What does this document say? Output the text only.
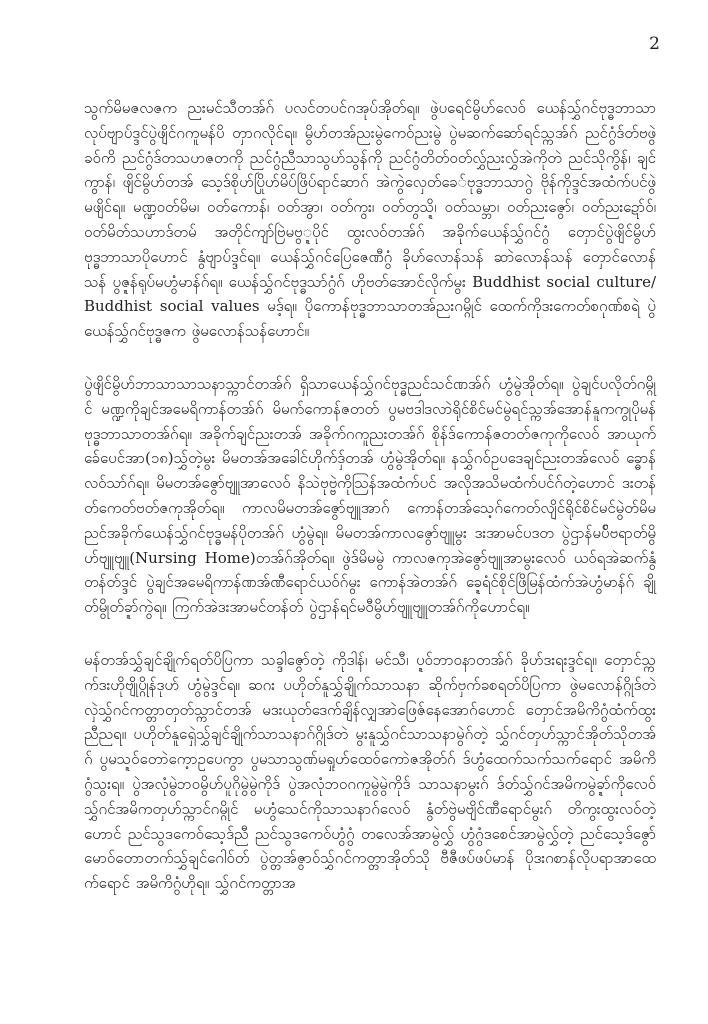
2

သွက်မိမဇလဇက ညးမင်သီတအ်ဂ် ပလင်တပင်ဂအုပ်အိုတ်ရ။ ဖွဲပရေင်မွိဟ်လေဝ် ယေန်သွှ်ဂင်ဗုဒ္ဓဘာသာ လုပ်ဗျာပ်ဒ္ဒင်ပွဲဖျိင်ဂကူမန်ပိ တှာဂလိုင်ရ။ မွိဟ်တအ်ညးမွဲကေဝ်ညးမွဲ ပွဲမဆက်ဆော်ရင်သ္ကအ်ဂ် ညင်ဂွံဒ်တ်ဗဖွဲခဝ်ကိ ညင်ဂွံဒ်တသဟဇတကို ညင်ဂွံညီသာသွဟ်သွန်ကို ညင်ဂွံတိတ်ဝတ်လွှ်ညးလွှ်အဲကိုတဲ ညင်သိုကွိန်၊ ချင်ကွာန်၊ ဖျိင်မွိဟ်တအ် သေ့ဒ်စိုဟ်ပြိုဟ်မိပ်ဖြိပ်ရာင်ဆာဂ် အဲကွဲလှေတ်ခေ်ဗုဒ္ဓဘာသာဂွဲ ဗိုန်ကိုဒ္ဒင်အထံက်ပင်ဖွဲမဖျိင်ရ။ မဏ္ဍဝတ်မိမ၊ ဝတ်ကောန်၊ ဝတ်အွာ၊ ဝတ်ကွး၊ ဝတ်တွသ္ဍိ၊ ဝတ်သမ္ဘာ၊ ဝတ်ညးဇွော်၊ ဝတ်ညးဍော်ဝ်၊ ဝတ်မိတ်သဟာဒ်တမ် အတိုင်ကျာ်ဗြဲမဗွ္ဍပိုင် ထွးလဝ်တအ်ဂ် အခိုက်ယေန်သွှ်ဂင်ဂွံ တှောင်ပွဲဖျိင်မွိဟ်ဗုဒ္ဓဘာသာပိုဟောင် နွံဗျာပ်ဒ္ဒင်ရ။ ယေန်သွှ်ဂင်ပြေဇေဏီဂွံ ခိုဟ်လောန်သန် ဆာဲလောန်သန် တှောင်လောန်သန် ပွဇ္ဍန်ရုပ်မဟွံမာန်ဂ်ရ။ ယေန်သွှ်ဂင်ဗုဒ္ဓသာ်ဂွံဂ် ဟိုဗတ်အောင်လိုက်မွး Buddhist social culture/ Buddhist social values မဒ့်ရ။ ပိုကောန်ဗုဒ္ဓဘာသာတအ်ညးဂမ္ဂိုင် ထေက်ကိုဒးကေတ်စဂုဏ်စရဲ ပွဲယေန်သွှ်ဂင်ဗုဒ္ဓဇက ဖွဲမလောန်သန်ဟောင်။

ပွဲဖျိင်မွိဟ်ဘာသာသာသနာသ္ကာင်တအ်ဂ် ရှိသာယေန်သွှ်ဂင်ဗုဒ္ဓညင်သင်ဏအ်ဂ် ဟွံမွဲအိုတ်ရ။ ပွဲချင်ပလိုတ်ဂမ္ဂိုင် မဏ္ဍကိုချင်အမေရိကာန်တအ်ဂ် မိမက်ကောန်ဇတတ် ပွမဗဒါဒလာဲရိုင်စိင်မင်မွဲရင်သ္ကအ်အောန်နူကကွုပိုမန်ဗုဒ္ဓဘာသာတအ်ဂ်ရ။ အခိုက်ချင်ညးတအ် အခိုက်ဂကူညးတအ်ဂ် စိုန်ဒ်ကောန်ဇတတ်ဇကုကိုလေဝ် အာယုက်ခ်ေပေင်အာ(၁၈)သွှ်တဲ့မွး မိမတအ်အခေါင်ဟိုက်ဒှ်တအ် ဟွံမွဲအိုတ်ရ။ နသွှ်ဂဝ်ဥပဒေချင်ညးတအ်လေဝ် ခ္ဓောန်လဝ်သာ်ဂ်ရ။ မိမတအ်ဇွော်ဗျူအာလေဝ် နိသဲဗုဗ္ဗဲကိုသြန်အထံက်ပင် အလိုအသိမထံက်ပင်ဂ်တဲ့ဟောင် ဒးတန်တ်ကေတ်ဗတ်ဇကုအိုတ်ရ။ ကာလမိမတအ်ဇွော်ဗျူအာဂ် ကောန်တအ်သေ့ဂ်ကေတ်လျိင်ရိုင်စိင်မင်မွဲတ်မိမ ညင်အခိုက်ယေန်သွှ်ဂင်ဗုဒ္ဓမန်ပိုတအ်ဂ် ဟွံမွဲရ။ မိမတအ်ကာလဇွော်ဗျူမွး ဒးအာမင်ပဒတ ပွဲဌာန်မပ်ိဗရာတ်မွိဟ်ဗျူဗျူ(Nursing Home)တအ်ဂ်အိုတ်ရ။ ဖွဲဒ်မိမမွဲ ကာလဇကုအဲဇွော်ဗျူအာမွးလေဝ် ယဝ်ရအဲဆက်နွံတန်တ်ဒ္ဒင် ပွဲချင်အမေရိကာန်ဏအ်ဏီရောင်ယဝ်ဂ်မွး ကောန်အဲတအ်ဂ် ခ္ဍေရံင်စိုင်ဖြိမြန်ထံက်အဲဟွံမာန်ဂ် ချိုတ်မွိုတ်ခ္ဍာ်ကွဲရ။ ကြက်အဲဒးအာမင်တန်တ် ပွဲဌာန်ရင်မဝီမွိဟ်ဗျူဗျူတအ်ဂ်ကိုဟောင်ရ။

မန်တအ်သွှ်ချင်ချိုက်ရတ်ပိပြကာ သခ္ဒါဇွော်တဲ့ ကိုဒါန်၊ မင်သီ၊ ပ္ဍဝ်ဘာဝနာတအ်ဂ် ခိုဟ်ဒးရးဒ္ဒင်ရ။ တှောင်သ္ကက်ဒးဟိုဗျိုပ္ဂိုန်ဒုဟ် ဟွံမွဲဒ္ဒင်ရ။ ဆဂး ပဟိုတ်နူသွှ်ချိုက်သာသနာ ဆိုက်ဗှက်ခစရတ်ပိပြကာ ဖွဲမလောန်ဂ္ဂိုဒ်တဲ လှဲသွှ်ဂင်ကတ္တာတှတ်သ္ကာင်တအ် မဒးယုတ်ဒေက်ချိန်လျှအာဲဖြေဇ်နေအောဂ်ဟောင် တှောင်အမိကိဂွံထံက်ထွးညီညရ။ ပဟိုတ်နူရှေဲသွှ်ချင်ချိုက်သာသနာဂ်ဂ္ဂိုဒ်တဲ မွးနူသွှ်ဂင်သာသနာမွဲဂ်တဲ့ သွှ်ဂင်တှဟ်သ္ကာင်အိုတ်သိုတအ်ဂ် ပွမသ္ဍဝ်တောဲကေ့ာဥပေကွာ ပွမသာသွဏ်မရှုဟ်ထေဝ်ကောဲဇအိုတ်ဂ် ဒ်ဟွံထေက်သက်သက်ရောင် အမိကိဂွံသွးရ။ ပွဲအလုံမွဲဘဝမွိဟ်ပူဂိုမွဲမွဲကိုဒ် ပွဲအလုံဘဝဂကူမွဲမွဲကိုဒ် သာသနာမွးဂ် ဒ်တ်သွှ်ဂင်အမိကမွဲခ္ဍာ်ကိုလေဝ် သွှ်ဂင်အမိကတှဟ်သ္ကာင်ဂမ္ဂိုင် မဟွံသေင်ကိုသာသနာဂ်လေဝ် နွံတ်ဗွဲမဗျိင်ဏီရောင်မွးဂ် တိကွးထွးလဝ်တဲ့ဟောင် ညင်သွဒကေဝ်သေ့ဒ်ညီ ညင်သွဒကေဝ်ဟွံဂွံ တလေအ်အာမွဲလွှ် ဟွံဂွံဒစေင်အာမွဲလွှ်တဲ့ ညင်သေ့ဒ်ဇွော်မောဝ်တောတက်သွှ်ချင်ဂေါဝ်တ် ပွဲတ္တအ်ဇွာဝ်သွှ်ဂင်ကတ္တာအိုတ်သို ဗီဇီဖပ်ဖပ်မာန် ပိုဒးဂစာန်လိုပရာအာထေက်ရောင် အမိကိဂွံဟိုရ။ သွှ်ဂင်ကတ္တာအ
